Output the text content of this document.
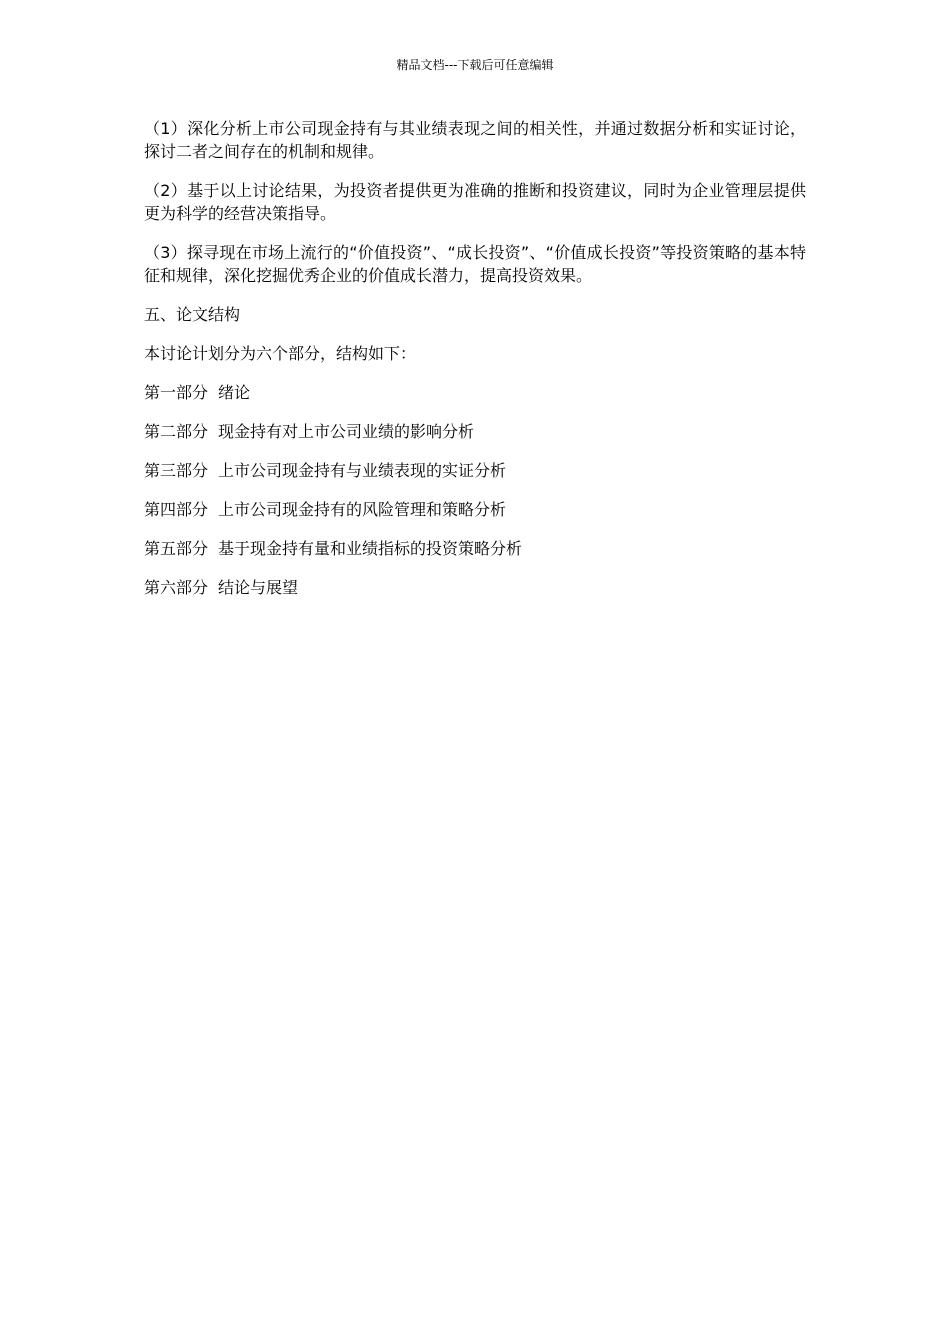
精品文档---下载后可任意编辑

（1）深化分析上市公司现金持有与其业绩表现之间的相关性，并通过数据分析和实证讨论，探讨二者之间存在的机制和规律。

（2）基于以上讨论结果，为投资者提供更为准确的推断和投资建议，同时为企业管理层提供更为科学的经营决策指导。

（3）探寻现在市场上流行的“价值投资”、“成长投资”、“价值成长投资”等投资策略的基本特征和规律，深化挖掘优秀企业的价值成长潜力，提高投资效果。

五、论文结构

本讨论计划分为六个部分，结构如下：

第一部分 绪论

第二部分 现金持有对上市公司业绩的影响分析

第三部分 上市公司现金持有与业绩表现的实证分析

第四部分 上市公司现金持有的风险管理和策略分析

第五部分 基于现金持有量和业绩指标的投资策略分析

第六部分 结论与展望
